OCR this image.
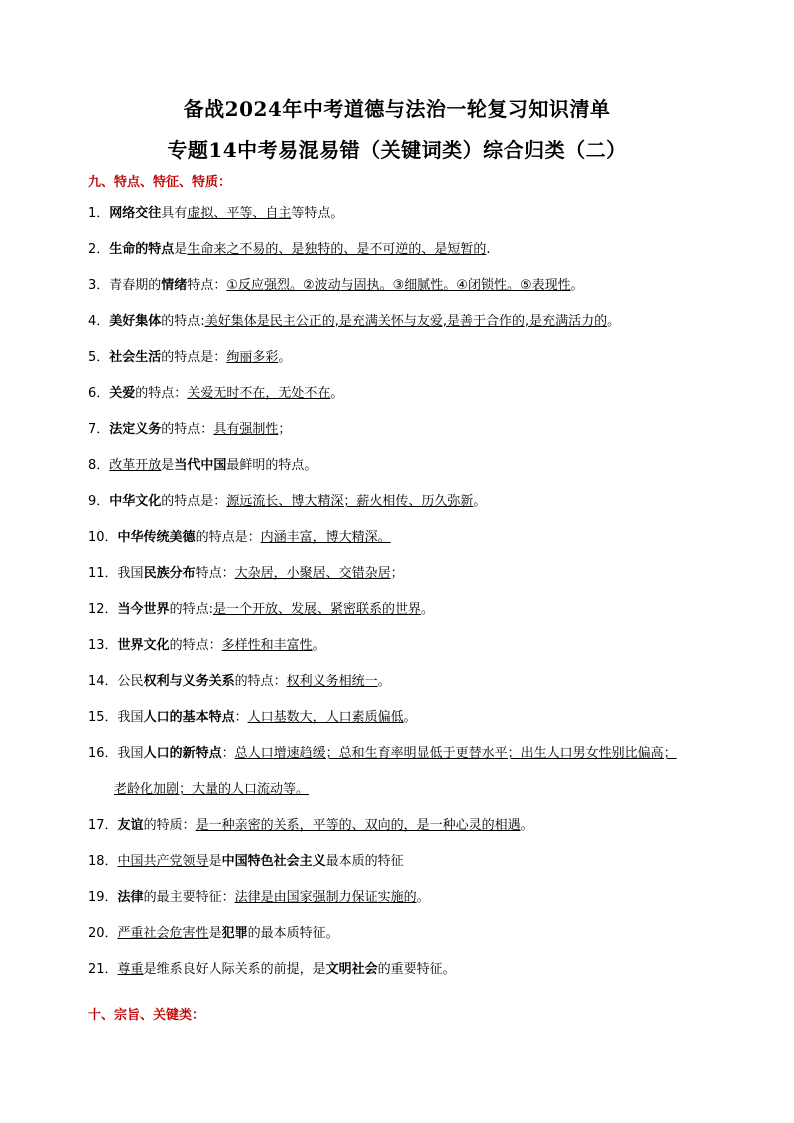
备战2024年中考道德与法治一轮复习知识清单
专题14中考易混易错（关键词类）综合归类（二）
九、特点、特征、特质：
1．网络交往具有虚拟、平等、自主等特点。
2．生命的特点是生命来之不易的、是独特的、是不可逆的、是短暂的.
3．青春期的情绪特点：①反应强烈。②波动与固执。③细腻性。④闭锁性。⑤表现性。
4．美好集体的特点:美好集体是民主公正的,是充满关怀与友爱,是善于合作的,是充满活力的。
5．社会生活的特点是：绚丽多彩。
6．关爱的特点：关爱无时不在，无处不在。
7．法定义务的特点：具有强制性；
8．改革开放是当代中国最鲜明的特点。
9．中华文化的特点是：源远流长、博大精深；薪火相传、历久弥新。
10．中华传统美德的特点是：内涵丰富，博大精深。
11．我国民族分布特点：大杂居，小聚居、交错杂居；
12．当今世界的特点:是一个开放、发展、紧密联系的世界。
13．世界文化的特点：多样性和丰富性。
14．公民权利与义务关系的特点：权利义务相统一。
15．我国人口的基本特点：人口基数大，人口素质偏低。
16．我国人口的新特点：总人口增速趋缓；总和生育率明显低于更替水平；出生人口男女性别比偏高；
老龄化加剧；大量的人口流动等。
17．友谊的特质：是一种亲密的关系，平等的、双向的，是一种心灵的相遇。
18．中国共产党领导是中国特色社会主义最本质的特征
19．法律的最主要特征：法律是由国家强制力保证实施的。
20．严重社会危害性是犯罪的最本质特征。
21．尊重是维系良好人际关系的前提，是文明社会的重要特征。
十、宗旨、关键类：
